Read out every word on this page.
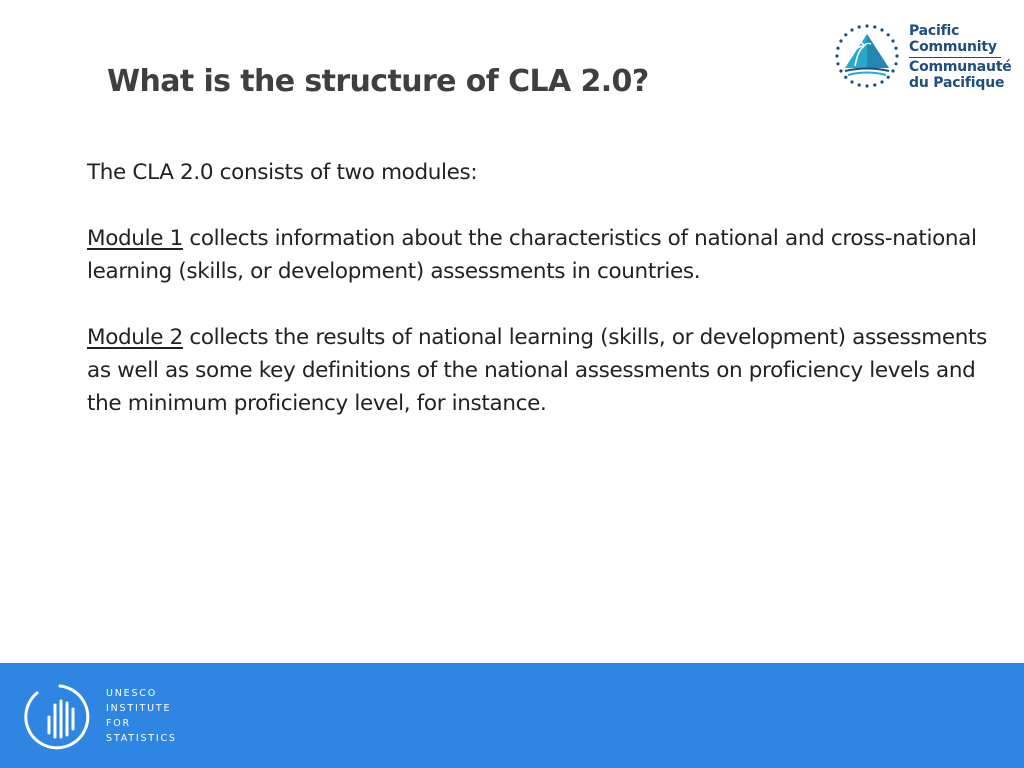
What is the structure of CLA 2.0?
Pacific
Community
Communauté
du Pacifique

The CLA 2.0 consists of two modules:

Module 1 collects information about the characteristics of national and cross-national learning (skills, or development) assessments in countries.

Module 2 collects the results of national learning (skills, or development) assessments as well as some key definitions of the national assessments on proficiency levels and the minimum proficiency level, for instance.

UNESCO
INSTITUTE
FOR
STATISTICS
